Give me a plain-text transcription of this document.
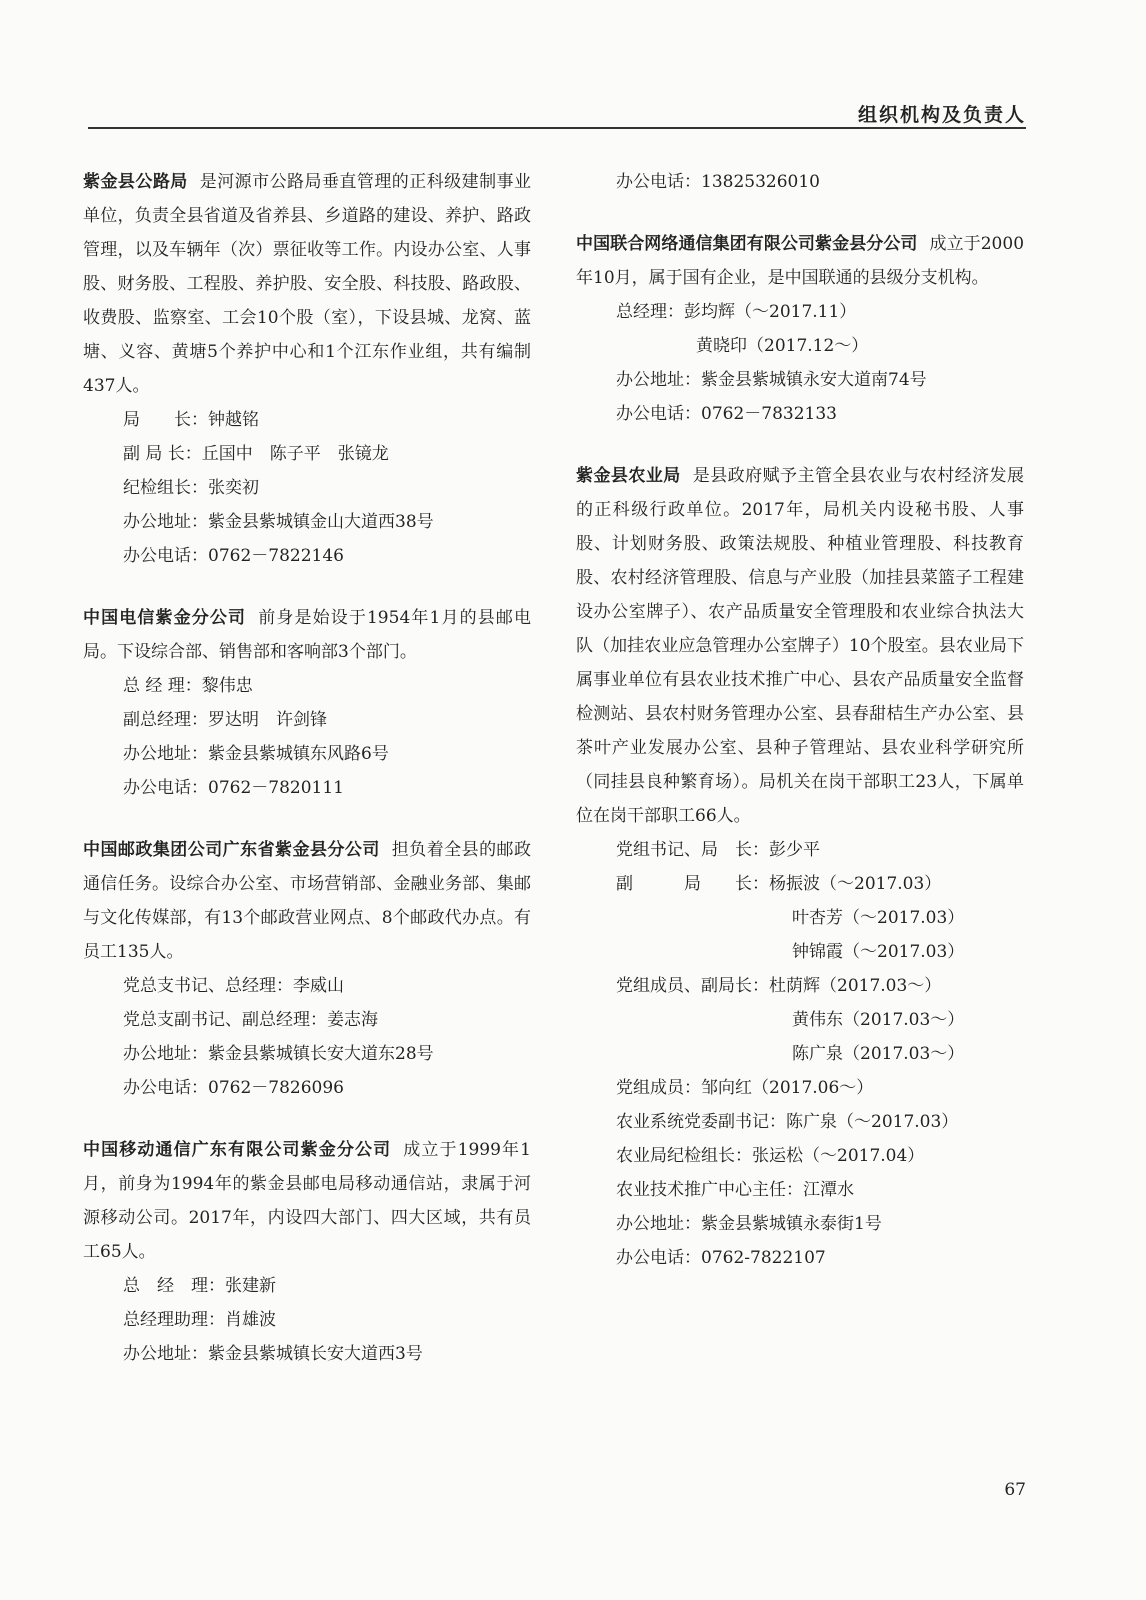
组织机构及负责人

紫金县公路局 是河源市公路局垂直管理的正科级建制事业单位，负责全县省道及省养县、乡道路的建设、养护、路政管理，以及车辆年（次）票征收等工作。内设办公室、人事股、财务股、工程股、养护股、安全股、科技股、路政股、收费股、监察室、工会10个股（室），下设县城、龙窝、蓝塘、义容、黄塘5个养护中心和1个江东作业组，共有编制437人。

局　　长：钟越铭
副 局 长：丘国中　陈子平　张镜龙
纪检组长：张奕初
办公地址：紫金县紫城镇金山大道西38号
办公电话：0762－7822146

中国电信紫金分公司 前身是始设于1954年1月的县邮电局。下设综合部、销售部和客响部3个部门。

总 经 理：黎伟忠
副总经理：罗达明　许剑锋
办公地址：紫金县紫城镇东风路6号
办公电话：0762－7820111

中国邮政集团公司广东省紫金县分公司 担负着全县的邮政通信任务。设综合办公室、市场营销部、金融业务部、集邮与文化传媒部，有13个邮政营业网点、8个邮政代办点。有员工135人。

党总支书记、总经理：李威山
党总支副书记、副总经理：姜志海
办公地址：紫金县紫城镇长安大道东28号
办公电话：0762－7826096

中国移动通信广东有限公司紫金分公司 成立于1999年1月，前身为1994年的紫金县邮电局移动通信站，隶属于河源移动公司。2017年，内设四大部门、四大区域，共有员工65人。

总　经　理：张建新
总经理助理：肖雄波
办公地址：紫金县紫城镇长安大道西3号
办公电话：13825326010

中国联合网络通信集团有限公司紫金县分公司 成立于2000年10月，属于国有企业，是中国联通的县级分支机构。

总经理：彭均辉（～2017.11）
黄晓印（2017.12～）
办公地址：紫金县紫城镇永安大道南74号
办公电话：0762－7832133

紫金县农业局 是县政府赋予主管全县农业与农村经济发展的正科级行政单位。2017年，局机关内设秘书股、人事股、计划财务股、政策法规股、种植业管理股、科技教育股、农村经济管理股、信息与产业股（加挂县菜篮子工程建设办公室牌子）、农产品质量安全管理股和农业综合执法大队（加挂农业应急管理办公室牌子）10个股室。县农业局下属事业单位有县农业技术推广中心、县农产品质量安全监督检测站、县农村财务管理办公室、县春甜桔生产办公室、县茶叶产业发展办公室、县种子管理站、县农业科学研究所（同挂县良种繁育场）。局机关在岗干部职工23人，下属单位在岗干部职工66人。

党组书记、局　长：彭少平
副　　　局　　长：杨振波（～2017.03）
叶杏芳（～2017.03）
钟锦霞（～2017.03）
党组成员、副局长：杜荫辉（2017.03～）
黄伟东（2017.03～）
陈广泉（2017.03～）
党组成员：邹向红（2017.06～）
农业系统党委副书记：陈广泉（～2017.03）
农业局纪检组长：张运松（～2017.04）
农业技术推广中心主任：江潭水
办公地址：紫金县紫城镇永泰街1号
办公电话：0762-7822107
67
